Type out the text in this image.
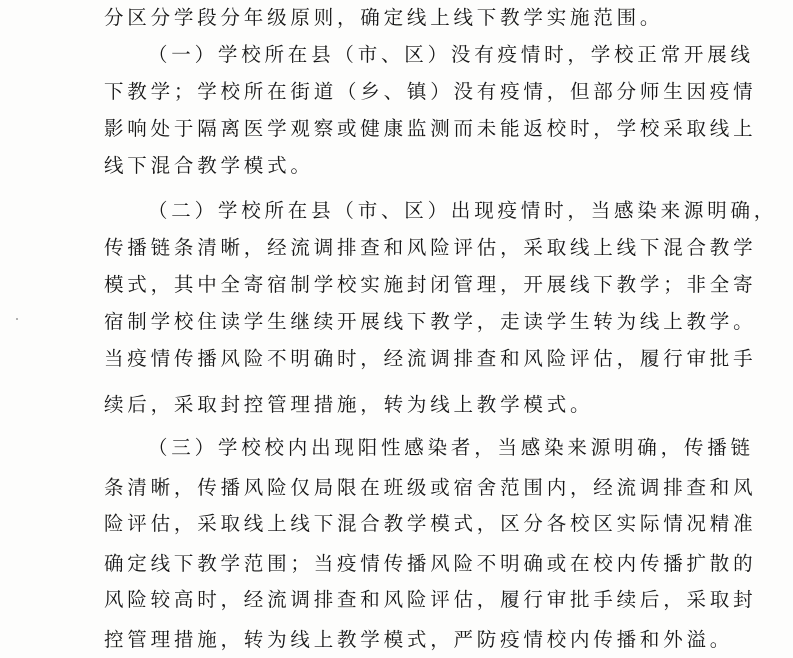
分区分学段分年级原则，确定线上线下教学实施范围。
（一）学校所在县（市、区）没有疫情时，学校正常开展线
下教学；学校所在街道（乡、镇）没有疫情，但部分师生因疫情
影响处于隔离医学观察或健康监测而未能返校时，学校采取线上
线下混合教学模式。
（二）学校所在县（市、区）出现疫情时，当感染来源明确，
传播链条清晰，经流调排查和风险评估，采取线上线下混合教学
模式，其中全寄宿制学校实施封闭管理，开展线下教学；非全寄
宿制学校住读学生继续开展线下教学，走读学生转为线上教学。
当疫情传播风险不明确时，经流调排查和风险评估，履行审批手
续后，采取封控管理措施，转为线上教学模式。
（三）学校校内出现阳性感染者，当感染来源明确，传播链
条清晰，传播风险仅局限在班级或宿舍范围内，经流调排查和风
险评估，采取线上线下混合教学模式，区分各校区实际情况精准
确定线下教学范围；当疫情传播风险不明确或在校内传播扩散的
风险较高时，经流调排查和风险评估，履行审批手续后，采取封
控管理措施，转为线上教学模式，严防疫情校内传播和外溢。
